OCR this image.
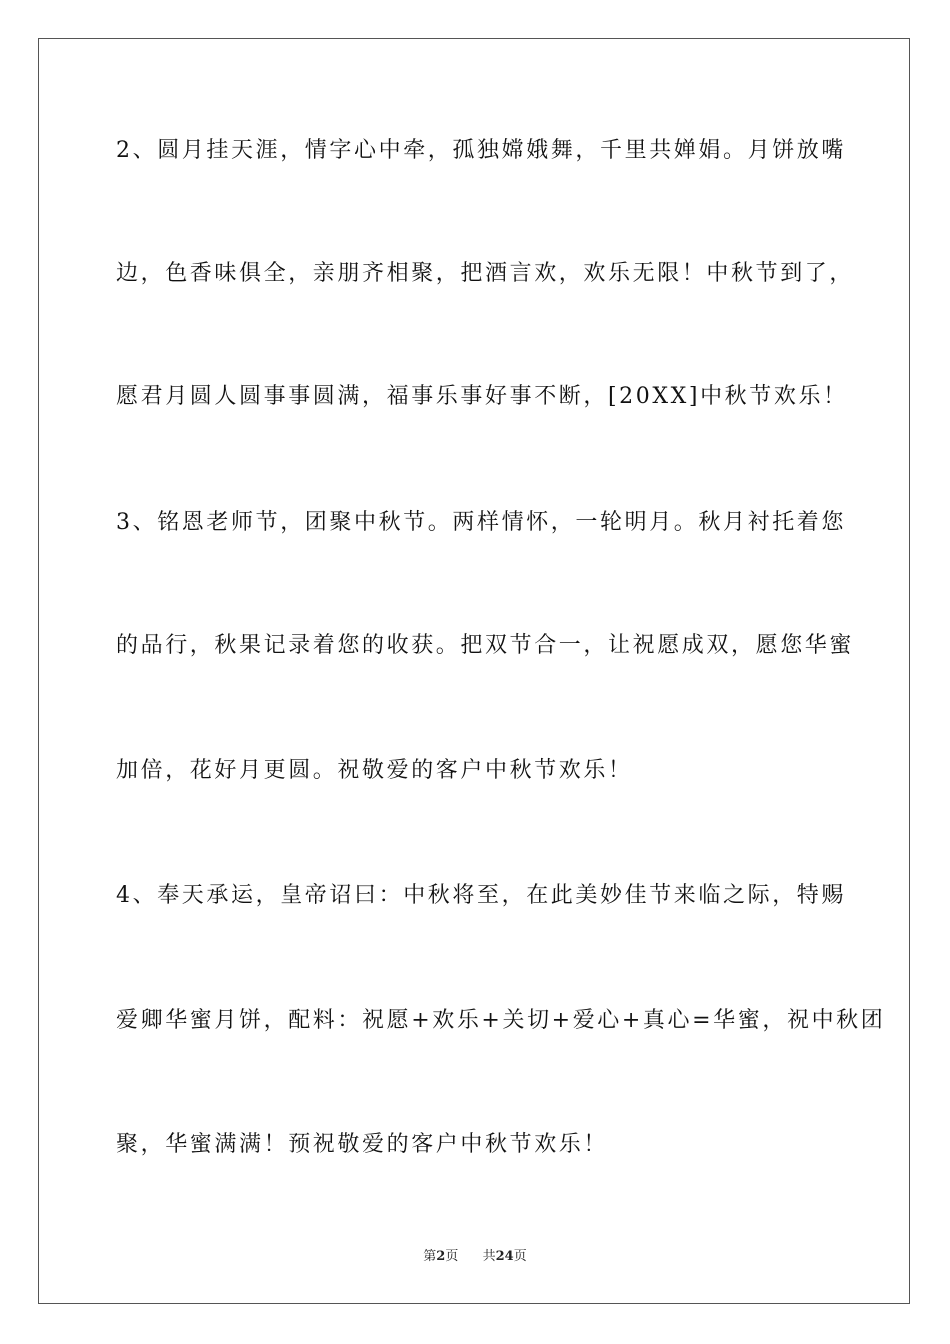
2、圆月挂天涯，情字心中牵，孤独嫦娥舞，千里共婵娟。月饼放嘴
边，色香味俱全，亲朋齐相聚，把酒言欢，欢乐无限！中秋节到了，
愿君月圆人圆事事圆满，福事乐事好事不断，[20XX]中秋节欢乐！
3、铭恩老师节，团聚中秋节。两样情怀，一轮明月。秋月衬托着您
的品行，秋果记录着您的收获。把双节合一，让祝愿成双，愿您华蜜
加倍，花好月更圆。祝敬爱的客户中秋节欢乐！
4、奉天承运，皇帝诏曰：中秋将至，在此美妙佳节来临之际，特赐
爱卿华蜜月饼，配料：祝愿+欢乐+关切+爱心+真心=华蜜，祝中秋团
聚，华蜜满满！预祝敬爱的客户中秋节欢乐！
第2页 共24页
